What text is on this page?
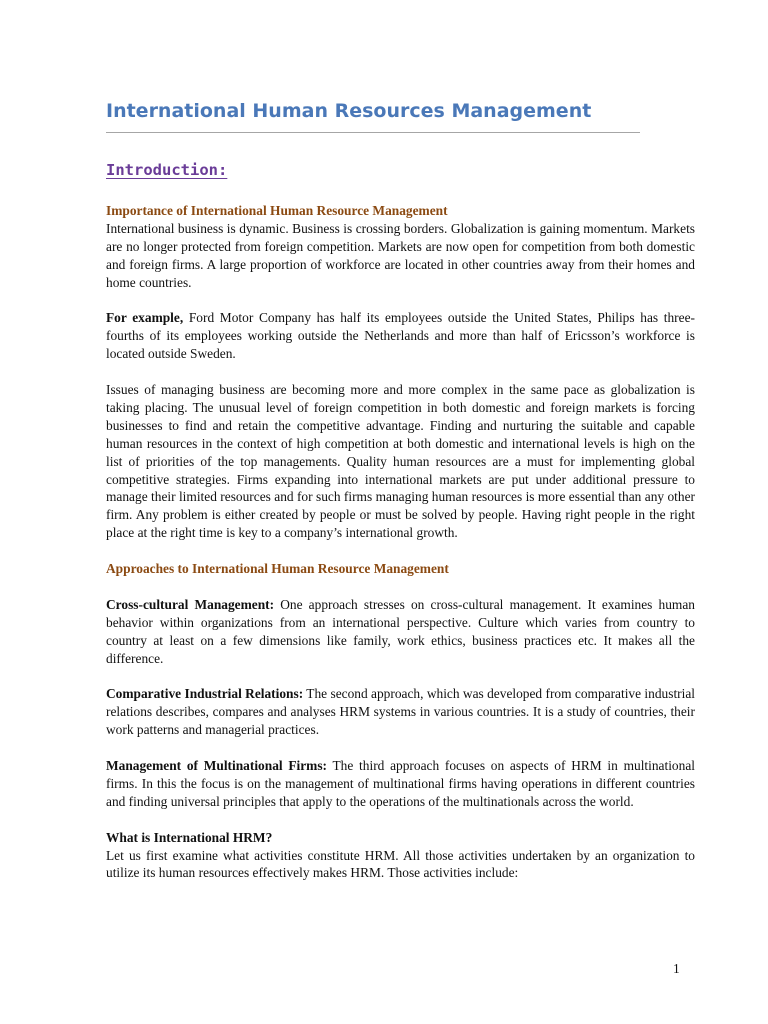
International Human Resources Management
Introduction:

Importance of International Human Resource Management

International business is dynamic. Business is crossing borders. Globalization is gaining momentum. Markets are no longer protected from foreign competition. Markets are now open for competition from both domestic and foreign firms. A large proportion of workforce are located in other countries away from their homes and home countries.

For example, Ford Motor Company has half its employees outside the United States, Philips has three-fourths of its employees working outside the Netherlands and more than half of Ericsson’s workforce is located outside Sweden.

Issues of managing business are becoming more and more complex in the same pace as globalization is taking placing. The unusual level of foreign competition in both domestic and foreign markets is forcing businesses to find and retain the competitive advantage. Finding and nurturing the suitable and capable human resources in the context of high competition at both domestic and international levels is high on the list of priorities of the top managements. Quality human resources are a must for implementing global competitive strategies. Firms expanding into international markets are put under additional pressure to manage their limited resources and for such firms managing human resources is more essential than any other firm. Any problem is either created by people or must be solved by people. Having right people in the right place at the right time is key to a company’s international growth.

Approaches to International Human Resource Management

Cross-cultural Management: One approach stresses on cross-cultural management. It examines human behavior within organizations from an international perspective. Culture which varies from country to country at least on a few dimensions like family, work ethics, business practices etc. It makes all the difference.

Comparative Industrial Relations: The second approach, which was developed from comparative industrial relations describes, compares and analyses HRM systems in various countries. It is a study of countries, their work patterns and managerial practices.

Management of Multinational Firms: The third approach focuses on aspects of HRM in multinational firms. In this the focus is on the management of multinational firms having operations in different countries and finding universal principles that apply to the operations of the multinationals across the world.

What is International HRM?

Let us first examine what activities constitute HRM. All those activities undertaken by an organization to utilize its human resources effectively makes HRM. Those activities include:

1
